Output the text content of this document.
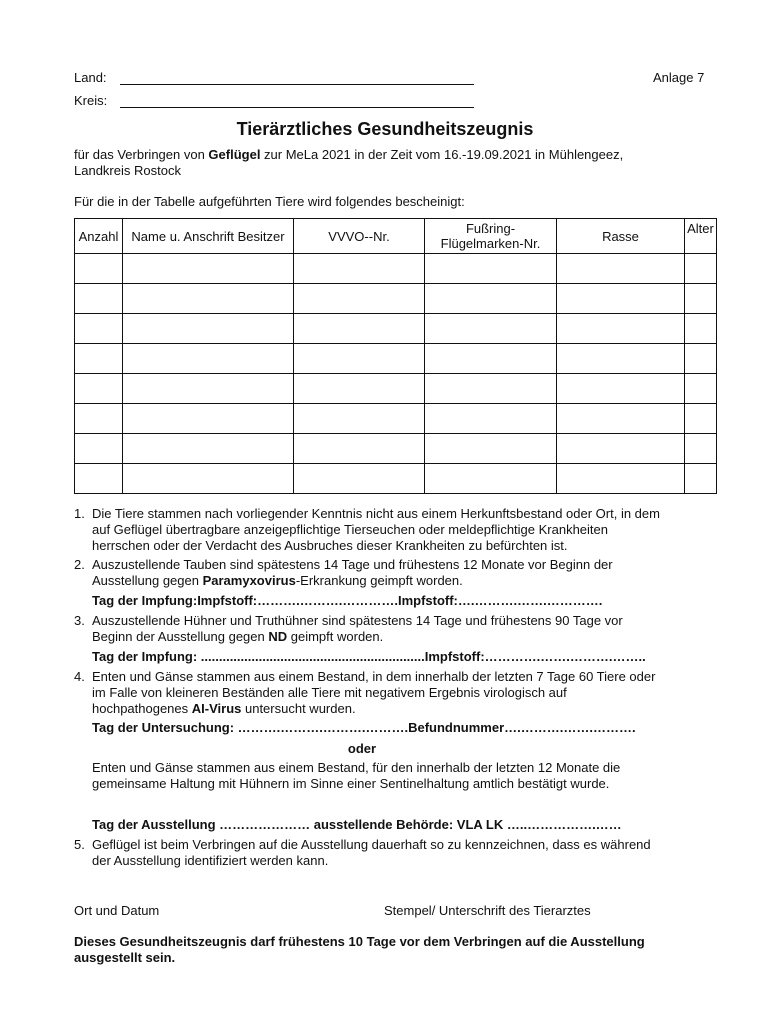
Land:	Anlage 7
Kreis:
Tierärztliches Gesundheitszeugnis
für das Verbringen von Geflügel zur MeLa 2021 in der Zeit vom 16.-19.09.2021 in Mühlengeez,
Landkreis Rostock
Für die in der Tabelle aufgeführten Tiere wird folgendes bescheinigt:
Anzahl	Name u. Anschrift Besitzer	VVVO--Nr.	Fußring-
Flügelmarken-Nr.	Rasse	Alter

1. Die Tiere stammen nach vorliegender Kenntnis nicht aus einem Herkunftsbestand oder Ort, in dem
auf Geflügel übertragbare anzeigepflichtige Tierseuchen oder meldepflichtige Krankheiten
herrschen oder der Verdacht des Ausbruches dieser Krankheiten zu befürchten ist.
2. Auszustellende Tauben sind spätestens 14 Tage und frühestens 12 Monate vor Beginn der
Ausstellung gegen Paramyxovirus-Erkrankung geimpft worden.
Tag der Impfung:Impfstoff:……….……….………….Impfstoff:….……….…….………….
3. Auszustellende Hühner und Truthühner sind spätestens 14 Tage und frühestens 90 Tage vor
Beginn der Ausstellung gegen ND geimpft worden.
Tag der Impfung: ..............................................................Impfstoff:………….…….……….……..
4. Enten und Gänse stammen aus einem Bestand, in dem innerhalb der letzten 7 Tage 60 Tiere oder
im Falle von kleineren Beständen alle Tiere mit negativem Ergebnis virologisch auf
hochpathogenes AI-Virus untersucht wurden.
Tag der Untersuchung: ……….……….……….……….Befundnummer….……….…….……….
oder
Enten und Gänse stammen aus einem Bestand, für den innerhalb der letzten 12 Monate die
gemeinsame Haltung mit Hühnern im Sinne einer Sentinelhaltung amtlich bestätigt wurde.
Tag der Ausstellung ………………… ausstellende Behörde: VLA LK …..…………….……
5. Geflügel ist beim Verbringen auf die Ausstellung dauerhaft so zu kennzeichnen, dass es während
der Ausstellung identifiziert werden kann.
Ort und Datum	Stempel/ Unterschrift des Tierarztes
Dieses Gesundheitszeugnis darf frühestens 10 Tage vor dem Verbringen auf die Ausstellung
ausgestellt sein.
